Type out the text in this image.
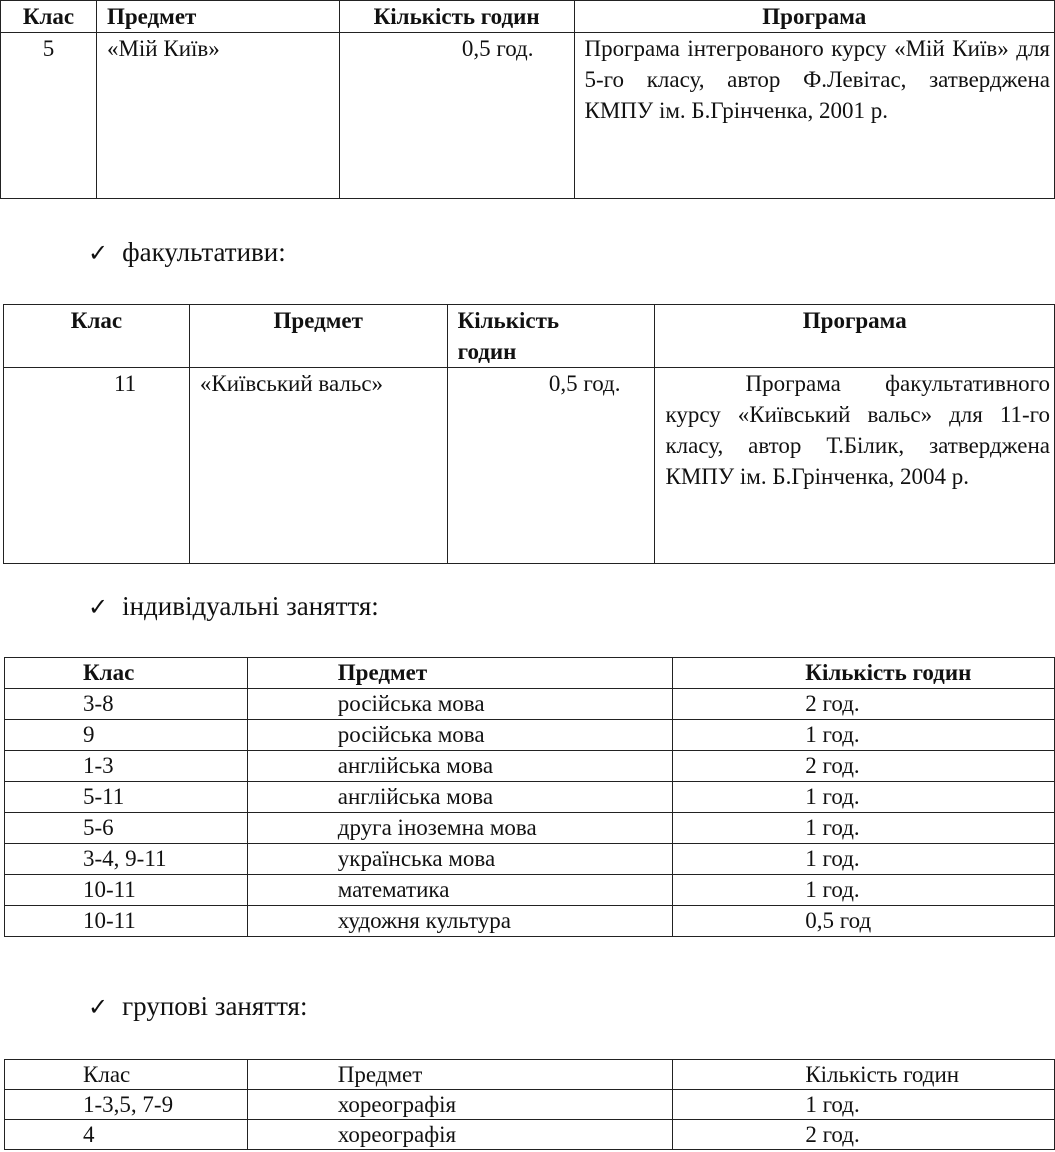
Клас	Предмет	Кількість годин	Програма
5	«Мій Київ»	0,5 год.	Програма інтегрованого курсу «Мій Київ» для 5-го класу, автор Ф.Левітас, затверджена КМПУ ім. Б.Грінченка, 2001 р.
✓ факультативи:
Клас	Предмет	Кількість годин	Програма
11	«Київський вальс»	0,5 год.	Програма факультативного курсу «Київський вальс» для 11-го класу, автор Т.Білик, затверджена КМПУ ім. Б.Грінченка, 2004 р.
✓ індивідуальні заняття:
Клас	Предмет	Кількість годин
3-8	російська мова	2 год.
9	російська мова	1 год.
1-3	англійська мова	2 год.
5-11	англійська мова	1 год.
5-6	друга іноземна мова	1 год.
3-4, 9-11	українська мова	1 год.
10-11	математика	1 год.
10-11	художня культура	0,5 год
✓ групові заняття:
Клас	Предмет	Кількість годин
1-3,5, 7-9	хореографія	1 год.
4	хореографія	2 год.
